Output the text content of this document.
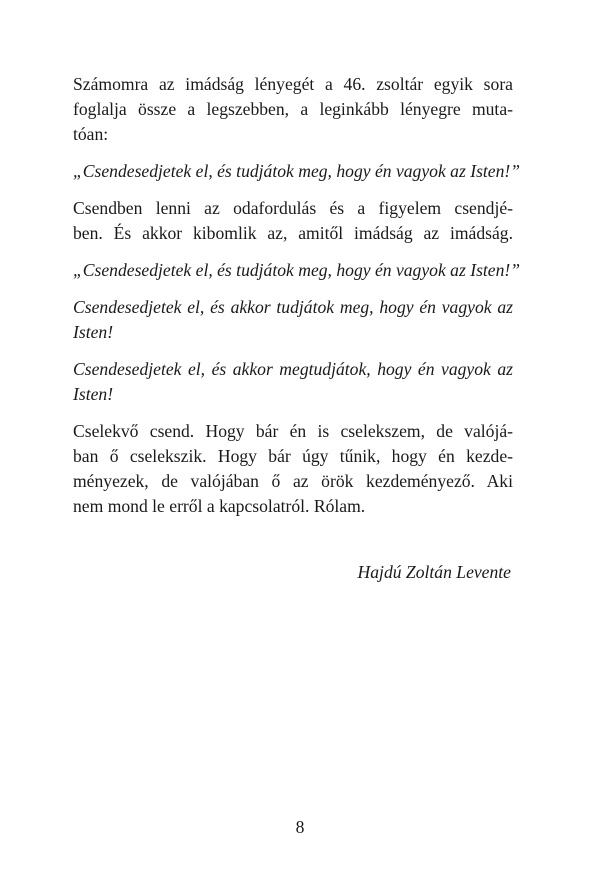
Számomra az imádság lényegét a 46. zsoltár egyik sora
foglalja össze a legszebben, a leginkább lényegre muta-
tóan:

„Csendesedjetek el, és tudjátok meg, hogy én vagyok az Isten!”

Csendben lenni az odafordulás és a figyelem csendjé-
ben. És akkor kibomlik az, amitől imádság az imádság.

„Csendesedjetek el, és tudjátok meg, hogy én vagyok az Isten!”

Csendesedjetek el, és akkor tudjátok meg, hogy én vagyok az
Isten!

Csendesedjetek el, és akkor megtudjátok, hogy én vagyok az
Isten!

Cselekvő csend. Hogy bár én is cselekszem, de valójá-
ban ő cselekszik. Hogy bár úgy tűnik, hogy én kezde-
ményezek, de valójában ő az örök kezdeményező. Aki
nem mond le erről a kapcsolatról. Rólam.

Hajdú Zoltán Levente
8
